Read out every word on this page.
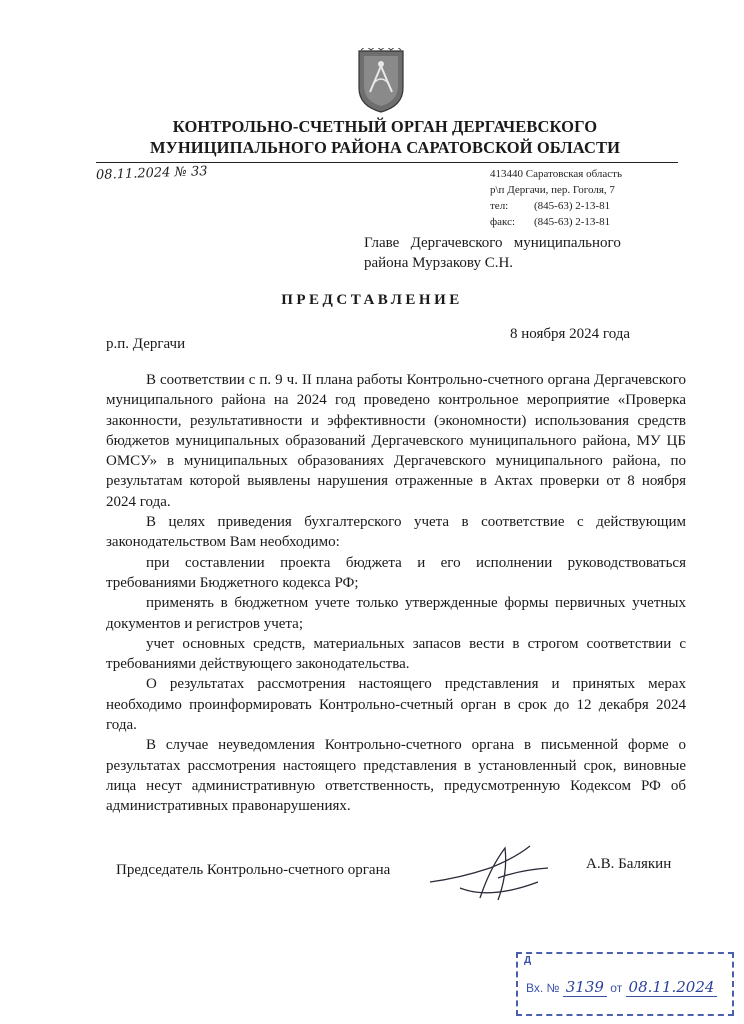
КОНТРОЛЬНО-СЧЕТНЫЙ ОРГАН ДЕРГАЧЕВСКОГО
МУНИЦИПАЛЬНОГО РАЙОНА САРАТОВСКОЙ ОБЛАСТИ
08.11.2024 № 33	413440 Саратовская область
р\п Дергачи, пер. Гоголя, 7
тел: (845-63) 2-13-81
факс: (845-63) 2-13-81
Главе   Дергачевского   муниципального
района Мурзакову С.Н.
ПРЕДСТАВЛЕНИЕ
р.п. Дергачи
8 ноября 2024 года

В соответствии с п. 9 ч. II плана работы Контрольно-счетного органа Дергачевского муниципального района на 2024 год проведено контрольное мероприятие «Проверка законности, результативности и эффективности (экономности) использования средств бюджетов муниципальных образований Дергачевского муниципального района, МУ ЦБ ОМСУ» в муниципальных образованиях Дергачевского муниципального района, по результатам которой выявлены нарушения отраженные в Актах проверки от 8 ноября 2024 года.

В целях приведения бухгалтерского учета в соответствие с действующим законодательством Вам необходимо:

при составлении проекта бюджета и его исполнении руководствоваться требованиями Бюджетного кодекса РФ;

применять в бюджетном учете только утвержденные формы первичных учетных документов и регистров учета;

учет основных средств, материальных запасов вести в строгом соответствии с требованиями действующего законодательства.

О результатах рассмотрения настоящего представления и принятых мерах необходимо проинформировать Контрольно-счетный орган в срок до 12 декабря 2024 года.

В случае неуведомления Контрольно-счетного органа в письменной форме о результатах рассмотрения настоящего представления в установленный срок, виновные лица несут административную ответственность, предусмотренную Кодексом РФ об административных правонарушениях.

Председатель Контрольно-счетного органа	А.В. Балякин
Д
Вх. № 3139 от 08.11.2024
